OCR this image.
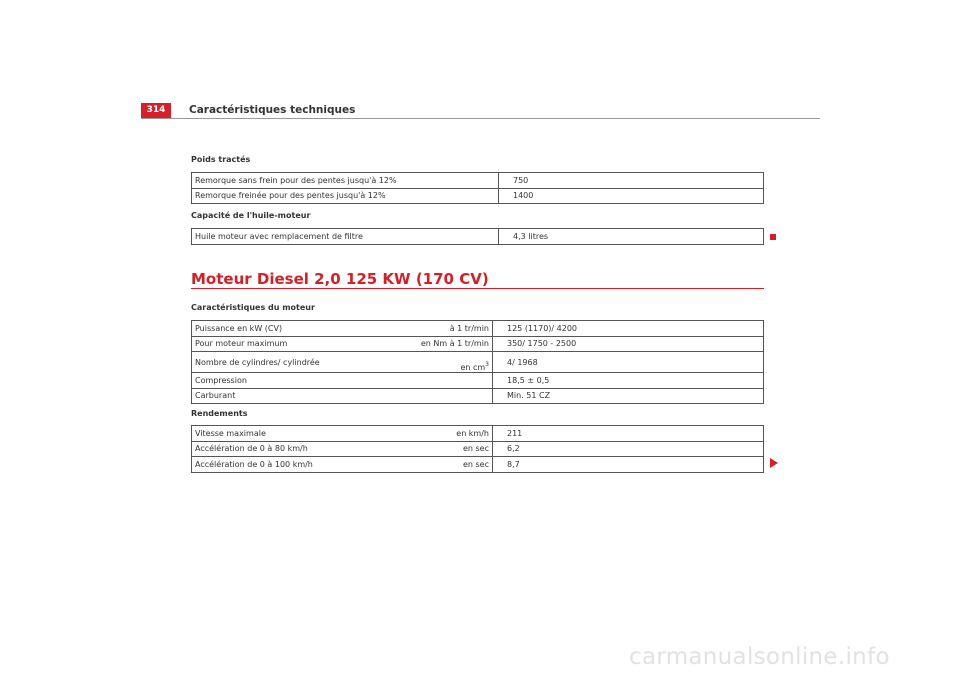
314	Caractéristiques techniques
Poids tractés
Remorque sans frein pour des pentes jusqu'à 12%	750
Remorque freinée pour des pentes jusqu'à 12%	1400
Capacité de l'huile-moteur
Huile moteur avec remplacement de filtre	4,3 litres
Moteur Diesel 2,0 125 KW (170 CV)
Caractéristiques du moteur
Puissance en kW (CV)	à 1 tr/min	125 (1170)/ 4200
Pour moteur maximum	en Nm à 1 tr/min	350/ 1750 - 2500
Nombre de cylindres/ cylindrée	en $cm^3$	4/ 1968
Compression		18,5 ± 0,5
Carburant		Min. 51 CZ
Rendements
Vitesse maximale	en km/h	211
Accélération de 0 à 80 km/h	en sec	6,2
Accélération de 0 à 100 km/h	en sec	8,7
carmanualsonline.info
